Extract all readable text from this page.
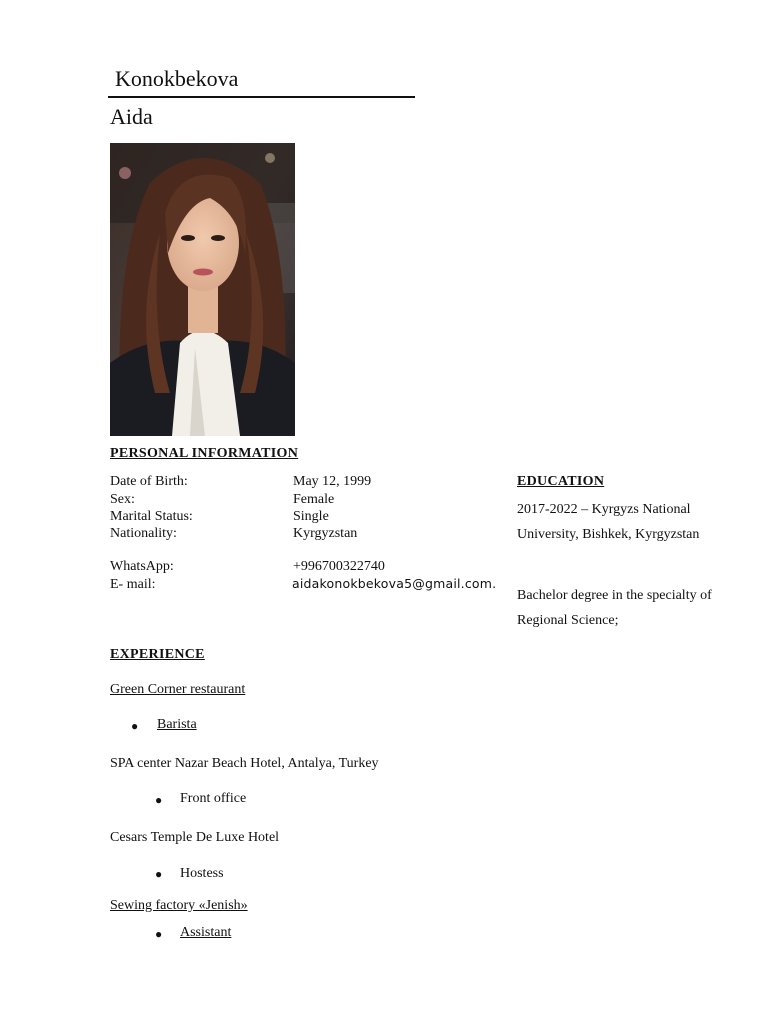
Konokbekova
Aida
PERSONAL INFORMATION
Date of Birth:	May 12, 1999
Sex:	Female
Marital Status:	Single
Nationality:	Kyrgyzstan
WhatsApp:	+996700322740
E- mail:	aidakonokbekova5@gmail.com.
EDUCATION
2017-2022 – Kyrgyzs National University, Bishkek, Kyrgyzstan
Bachelor degree in the specialty of Regional Science;
EXPERIENCE
Green Corner restaurant
● Barista
SPA center Nazar Beach Hotel, Antalya, Turkey
● Front office
Cesars Temple De Luxe Hotel
● Hostess
Sewing factory «Jenish»
● Assistant
